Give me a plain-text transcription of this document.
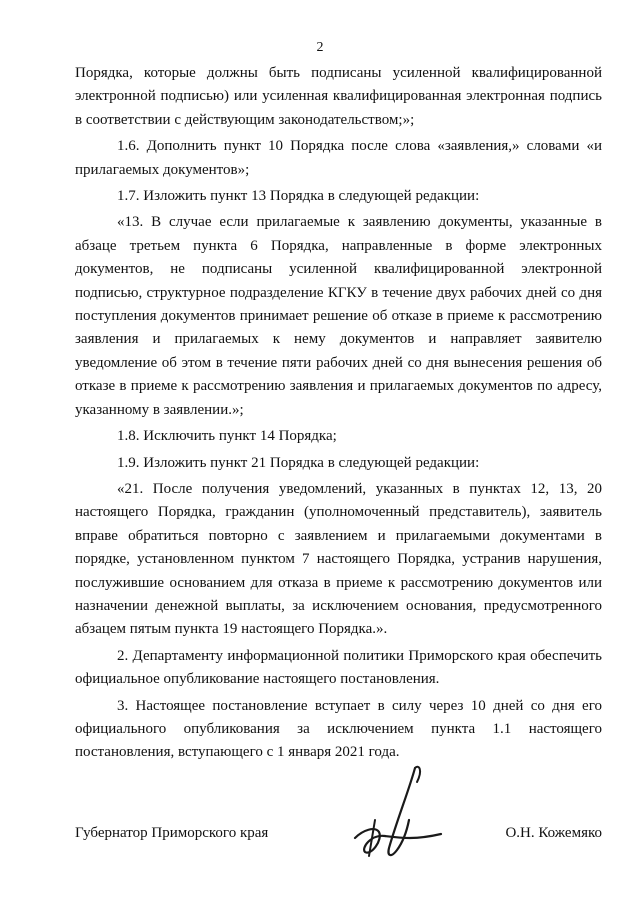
2

Порядка, которые должны быть подписаны усиленной квалифицированной электронной подписью) или усиленная квалифицированная электронная подпись в соответствии с действующим законодательством;»;

1.6. Дополнить пункт 10 Порядка после слова «заявления,» словами «и прилагаемых документов»;

1.7. Изложить пункт 13 Порядка в следующей редакции:

«13. В случае если прилагаемые к заявлению документы, указанные в абзаце третьем пункта 6 Порядка, направленные в форме электронных документов, не подписаны усиленной квалифицированной электронной подписью, структурное подразделение КГКУ в течение двух рабочих дней со дня поступления документов принимает решение об отказе в приеме к рассмотрению заявления и прилагаемых к нему документов и направляет заявителю уведомление об этом в течение пяти рабочих дней со дня вынесения решения об отказе в приеме к рассмотрению заявления и прилагаемых документов по адресу, указанному в заявлении.»;

1.8. Исключить пункт 14 Порядка;

1.9. Изложить пункт 21 Порядка в следующей редакции:

«21. После получения уведомлений, указанных в пунктах 12, 13, 20 настоящего Порядка, гражданин (уполномоченный представитель), заявитель вправе обратиться повторно с заявлением и прилагаемыми документами в порядке, установленном пунктом 7 настоящего Порядка, устранив нарушения, послужившие основанием для отказа в приеме к рассмотрению документов или назначении денежной выплаты, за исключением основания, предусмотренного абзацем пятым пункта 19 настоящего Порядка.».

2. Департаменту информационной политики Приморского края обеспечить официальное опубликование настоящего постановления.

3. Настоящее постановление вступает в силу через 10 дней со дня его официального опубликования за исключением пункта 1.1 настоящего постановления, вступающего с 1 января 2021 года.

Губернатор Приморского края	О.Н. Кожемяко
